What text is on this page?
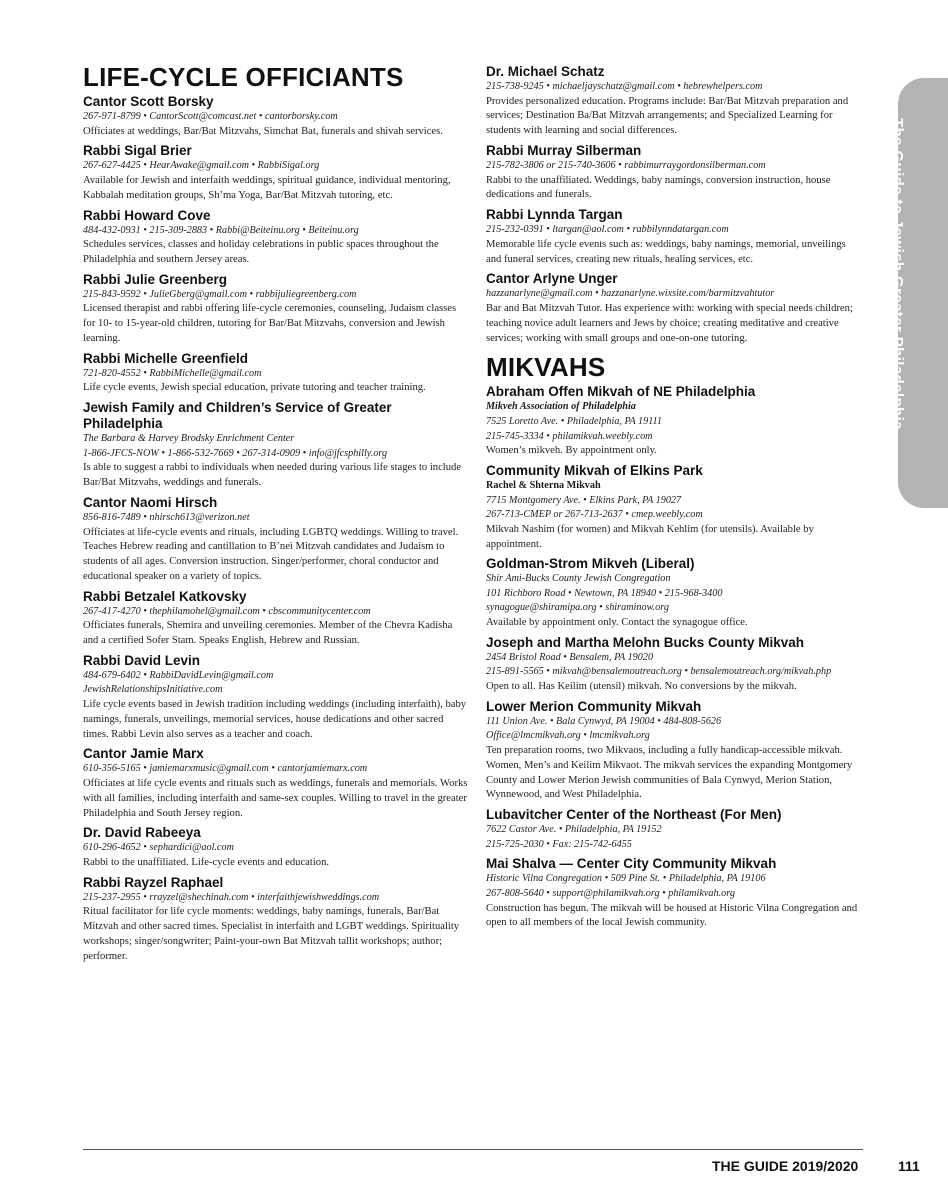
LIFE-CYCLE OFFICIANTS
Cantor Scott Borsky
267-971-8799 • CantorScott@comcast.net • cantorborsky.com
Officiates at weddings, Bar/Bat Mitzvahs, Simchat Bat, funerals and shivah services.
Rabbi Sigal Brier
267-627-4425 • HearAwake@gmail.com • RabbiSigal.org
Available for Jewish and interfaith weddings, spiritual guidance, individual mentoring, Kabbalah meditation groups, Sh’ma Yoga, Bar/Bat Mitzvah tutoring, etc.
Rabbi Howard Cove
484-432-0931 • 215-309-2883 • Rabbi@Beiteinu.org • Beiteinu.org
Schedules services, classes and holiday celebrations in public spaces throughout the Philadelphia and southern Jersey areas.
Rabbi Julie Greenberg
215-843-9592 • JulieGberg@gmail.com • rabbijuliegreenberg.com
Licensed therapist and rabbi offering life-cycle ceremonies, counseling, Judaism classes for 10- to 15-year-old children, tutoring for Bar/Bat Mitzvahs, conversion and Jewish learning.
Rabbi Michelle Greenfield
721-820-4552 • RabbiMichelle@gmail.com
Life cycle events, Jewish special education, private tutoring and teacher training.
Jewish Family and Children’s Service of Greater Philadelphia
The Barbara & Harvey Brodsky Enrichment Center
1-866-JFCS-NOW • 1-866-532-7669 • 267-314-0909 • info@jfcsphilly.org
Is able to suggest a rabbi to individuals when needed during various life stages to include Bar/Bat Mitzvahs, weddings and funerals.
Cantor Naomi Hirsch
856-816-7489 • nhirsch613@verizon.net
Officiates at life-cycle events and rituals, including LGBTQ weddings. Willing to travel. Teaches Hebrew reading and cantillation to B’nei Mitzvah candidates and Judaism to students of all ages. Conversion instruction. Singer/performer, choral conductor and educational speaker on a variety of topics.
Rabbi Betzalel Katkovsky
267-417-4270 • thephilamohel@gmail.com • cbscommunitycenter.com
Officiates funerals, Shemira and unveiling ceremonies. Member of the Chevra Kadisha and a certified Sofer Stam. Speaks English, Hebrew and Russian.
Rabbi David Levin
484-679-6402 • RabbiDavidLevin@gmail.com
JewishRelationshipsInitiative.com
Life cycle events based in Jewish tradition including weddings (including interfaith), baby namings, funerals, unveilings, memorial services, house dedications and other sacred times. Rabbi Levin also serves as a teacher and coach.
Cantor Jamie Marx
610-356-5165 • jamiemarxmusic@gmail.com • cantorjamiemarx.com
Officiates at life cycle events and rituals such as weddings, funerals and memorials. Works with all families, including interfaith and same-sex couples. Willing to travel in the greater Philadelphia and South Jersey region.
Dr. David Rabeeya
610-296-4652 • sephardici@aol.com
Rabbi to the unaffiliated. Life-cycle events and education.
Rabbi Rayzel Raphael
215-237-2955 • rrayzel@shechinah.com • interfaithjewishweddings.com
Ritual facilitator for life cycle moments: weddings, baby namings, funerals, Bar/Bat Mitzvah and other sacred times. Specialist in interfaith and LGBT weddings. Spirituality workshops; singer/songwriter; Paint-your-own Bat Mitzvah tallit workshops; author; performer.
Dr. Michael Schatz
215-738-9245 • michaeljayschatz@gmail.com • hebrewhelpers.com
Provides personalized education. Programs include: Bar/Bat Mitzvah preparation and services; Destination Ba/Bat Mitzvah arrangements; and Specialized Learning for students with learning and social differences.
Rabbi Murray Silberman
215-782-3806 or 215-740-3606 • rabbimurraygordonsilberman.com
Rabbi to the unaffiliated. Weddings, baby namings, conversion instruction, house dedications and funerals.
Rabbi Lynnda Targan
215-232-0391 • ltargan@aol.com • rabbilynndatargan.com
Memorable life cycle events such as: weddings, baby namings, memorial, unveilings and funeral services, creating new rituals, healing services, etc.
Cantor Arlyne Unger
hazzanarlyne@gmail.com • hazzanarlyne.wixsite.com/barmitzvahtutor
Bar and Bat Mitzvah Tutor. Has experience with: working with special needs children; teaching novice adult learners and Jews by choice; creating meditative and creative services; working with small groups and one-on-one tutoring.
MIKVAHS
Abraham Offen Mikvah of NE Philadelphia
Mikveh Association of Philadelphia
7525 Loretto Ave. • Philadelphia, PA 19111
215-745-3334 • philamikvah.weebly.com
Women’s mikveh. By appointment only.
Community Mikvah of Elkins Park
Rachel & Shterna Mikvah
7715 Montgomery Ave. • Elkins Park, PA 19027
267-713-CMEP or 267-713-2637 • cmep.weebly.com
Mikvah Nashim (for women) and Mikvah Kehlim (for utensils). Available by appointment.
Goldman-Strom Mikveh (Liberal)
Shir Ami-Bucks County Jewish Congregation
101 Richboro Road • Newtown, PA 18940 • 215-968-3400
synagogue@shiramipa.org • shiraminow.org
Available by appointment only. Contact the synagogue office.
Joseph and Martha Melohn Bucks County Mikvah
2454 Bristol Road • Bensalem, PA 19020
215-891-5565 • mikvah@bensalemoutreach.org • bensalemoutreach.org/mikvah.php
Open to all. Has Keilim (utensil) mikvah. No conversions by the mikvah.
Lower Merion Community Mikvah
111 Union Ave. • Bala Cynwyd, PA 19004 • 484-808-5626
Office@lmcmikvah.org • lmcmikvah.org
Ten preparation rooms, two Mikvaos, including a fully handicap-accessible mikvah. Women, Men’s and Keilim Mikvaot. The mikvah services the expanding Montgomery County and Lower Merion Jewish communities of Bala Cynwyd, Merion Station, Wynnewood, and West Philadelphia.
Lubavitcher Center of the Northeast (For Men)
7622 Castor Ave. • Philadelphia, PA 19152
215-725-2030 • Fax: 215-742-6455
Mai Shalva — Center City Community Mikvah
Historic Vilna Congregation • 509 Pine St. • Philadelphia, PA 19106
267-808-5640 • support@philamikvah.org • philamikvah.org
Construction has begun. The mikvah will be housed at Historic Vilna Congregation and open to all members of the local Jewish community.
The Guide to Jewish Greater Philadelphia
THE GUIDE 2019/2020	111
